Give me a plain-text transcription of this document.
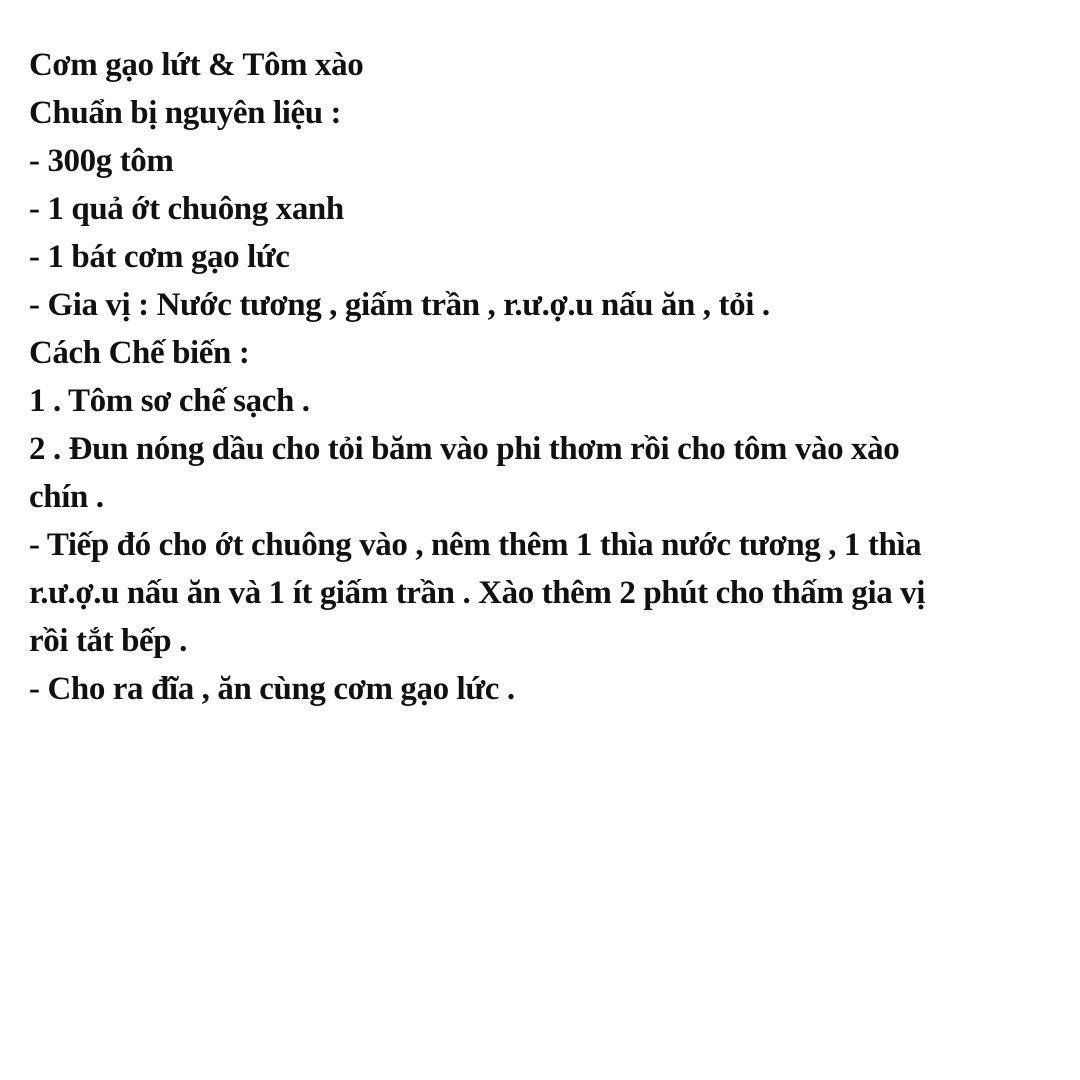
Cơm gạo lứt & Tôm xào
Chuẩn bị nguyên liệu :
- 300g tôm
- 1 quả ớt chuông xanh
- 1 bát cơm gạo lức
- Gia vị : Nước tương , giấm trần , r.ư.ợ.u nấu ăn , tỏi .
Cách Chế biến :
1 . Tôm sơ chế sạch .
2 . Đun nóng dầu cho tỏi băm vào phi thơm rồi cho tôm vào xào
chín .
- Tiếp đó cho ớt chuông vào , nêm thêm 1 thìa nước tương , 1 thìa
r.ư.ợ.u nấu ăn và 1 ít giấm trần . Xào thêm 2 phút cho thấm gia vị
rồi tắt bếp .
- Cho ra đĩa , ăn cùng cơm gạo lức .
